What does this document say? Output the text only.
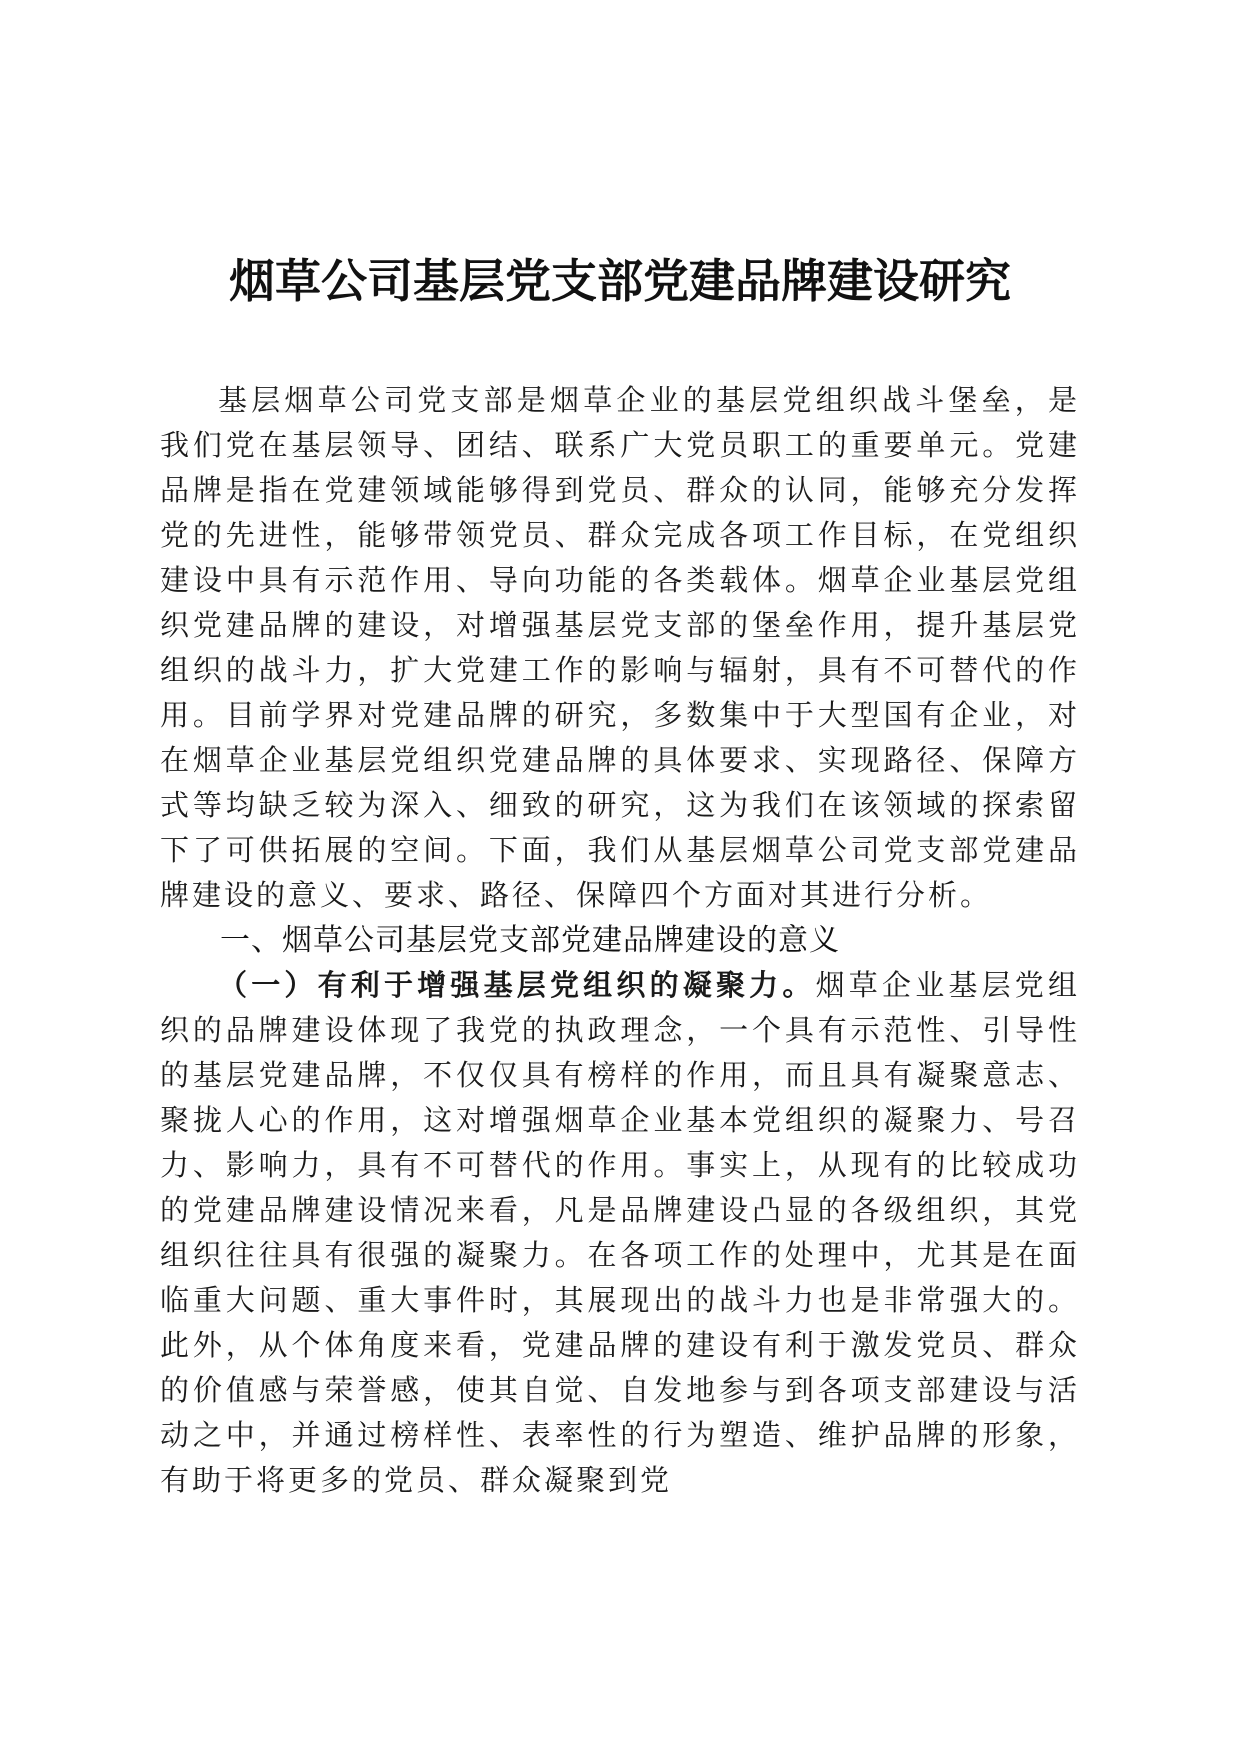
烟草公司基层党支部党建品牌建设研究

基层烟草公司党支部是烟草企业的基层党组织战斗堡垒，是我们党在基层领导、团结、联系广大党员职工的重要单元。党建品牌是指在党建领域能够得到党员、群众的认同，能够充分发挥党的先进性，能够带领党员、群众完成各项工作目标，在党组织建设中具有示范作用、导向功能的各类载体。烟草企业基层党组织党建品牌的建设，对增强基层党支部的堡垒作用，提升基层党组织的战斗力，扩大党建工作的影响与辐射，具有不可替代的作用。目前学界对党建品牌的研究，多数集中于大型国有企业，对在烟草企业基层党组织党建品牌的具体要求、实现路径、保障方式等均缺乏较为深入、细致的研究，这为我们在该领域的探索留下了可供拓展的空间。下面，我们从基层烟草公司党支部党建品牌建设的意义、要求、路径、保障四个方面对其进行分析。

一、烟草公司基层党支部党建品牌建设的意义

（一）有利于增强基层党组织的凝聚力。烟草企业基层党组织的品牌建设体现了我党的执政理念，一个具有示范性、引导性的基层党建品牌，不仅仅具有榜样的作用，而且具有凝聚意志、聚拢人心的作用，这对增强烟草企业基本党组织的凝聚力、号召力、影响力，具有不可替代的作用。事实上，从现有的比较成功的党建品牌建设情况来看，凡是品牌建设凸显的各级组织，其党组织往往具有很强的凝聚力。在各项工作的处理中，尤其是在面临重大问题、重大事件时，其展现出的战斗力也是非常强大的。此外，从个体角度来看，党建品牌的建设有利于激发党员、群众的价值感与荣誉感，使其自觉、自发地参与到各项支部建设与活动之中，并通过榜样性、表率性的行为塑造、维护品牌的形象，有助于将更多的党员、群众凝聚到党
